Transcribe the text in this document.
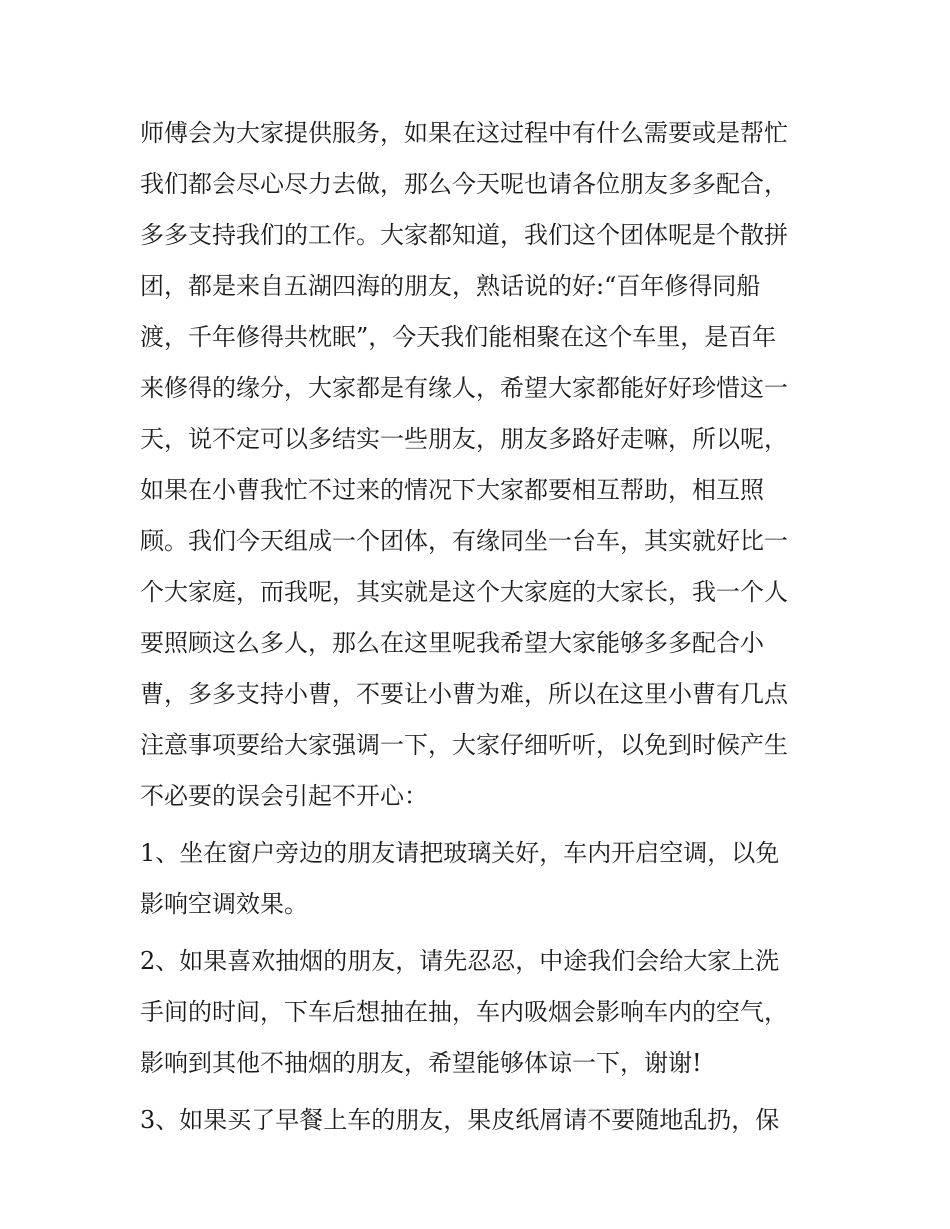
师傅会为大家提供服务，如果在这过程中有什么需要或是帮忙
我们都会尽心尽力去做，那么今天呢也请各位朋友多多配合，
多多支持我们的工作。大家都知道，我们这个团体呢是个散拼
团，都是来自五湖四海的朋友，熟话说的好:“百年修得同船
渡，千年修得共枕眠”，今天我们能相聚在这个车里，是百年
来修得的缘分，大家都是有缘人，希望大家都能好好珍惜这一
天，说不定可以多结实一些朋友，朋友多路好走嘛，所以呢，
如果在小曹我忙不过来的情况下大家都要相互帮助，相互照
顾。我们今天组成一个团体，有缘同坐一台车，其实就好比一
个大家庭，而我呢，其实就是这个大家庭的大家长，我一个人
要照顾这么多人，那么在这里呢我希望大家能够多多配合小
曹，多多支持小曹，不要让小曹为难，所以在这里小曹有几点
注意事项要给大家强调一下，大家仔细听听，以免到时候产生
不必要的误会引起不开心：
1、坐在窗户旁边的朋友请把玻璃关好，车内开启空调，以免
影响空调效果。
2、如果喜欢抽烟的朋友，请先忍忍，中途我们会给大家上洗
手间的时间，下车后想抽在抽，车内吸烟会影响车内的空气，
影响到其他不抽烟的朋友，希望能够体谅一下，谢谢!
3、如果买了早餐上车的朋友，果皮纸屑请不要随地乱扔，保
